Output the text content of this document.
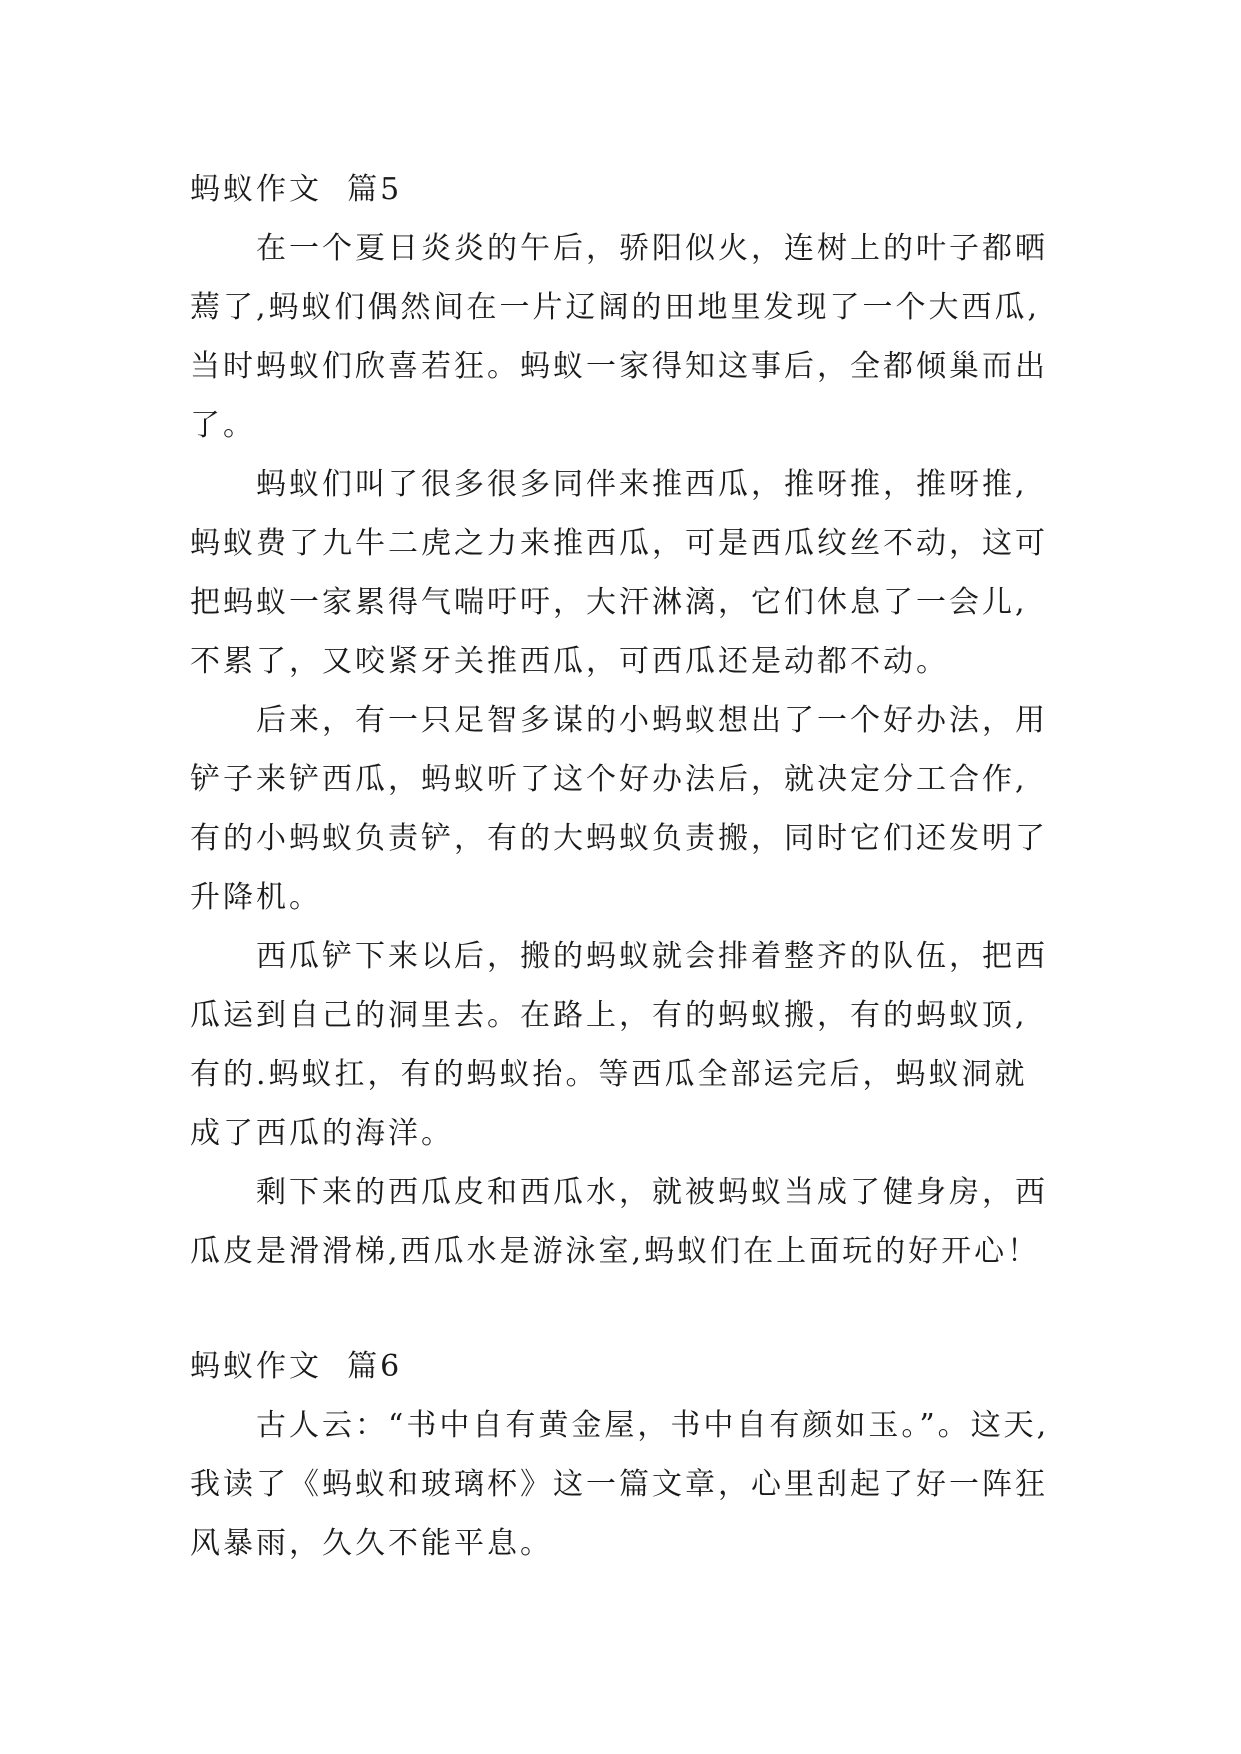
蚂蚁作文  篇5
在一个夏日炎炎的午后，骄阳似火，连树上的叶子都晒
蔫了,蚂蚁们偶然间在一片辽阔的田地里发现了一个大西瓜,
当时蚂蚁们欣喜若狂。蚂蚁一家得知这事后，全都倾巢而出
了。
蚂蚁们叫了很多很多同伴来推西瓜，推呀推，推呀推,
蚂蚁费了九牛二虎之力来推西瓜，可是西瓜纹丝不动，这可
把蚂蚁一家累得气喘吁吁，大汗淋漓，它们休息了一会儿,
不累了，又咬紧牙关推西瓜，可西瓜还是动都不动。
后来，有一只足智多谋的小蚂蚁想出了一个好办法，用
铲子来铲西瓜，蚂蚁听了这个好办法后，就决定分工合作,
有的小蚂蚁负责铲，有的大蚂蚁负责搬，同时它们还发明了
升降机。
西瓜铲下来以后，搬的蚂蚁就会排着整齐的队伍，把西
瓜运到自己的洞里去。在路上，有的蚂蚁搬，有的蚂蚁顶,
有的.蚂蚁扛，有的蚂蚁抬。等西瓜全部运完后，蚂蚁洞就
成了西瓜的海洋。
剩下来的西瓜皮和西瓜水，就被蚂蚁当成了健身房，西
瓜皮是滑滑梯,西瓜水是游泳室,蚂蚁们在上面玩的好开心！
蚂蚁作文  篇6
古人云：“书中自有黄金屋，书中自有颜如玉。”。这天,
我读了《蚂蚁和玻璃杯》这一篇文章，心里刮起了好一阵狂
风暴雨，久久不能平息。
